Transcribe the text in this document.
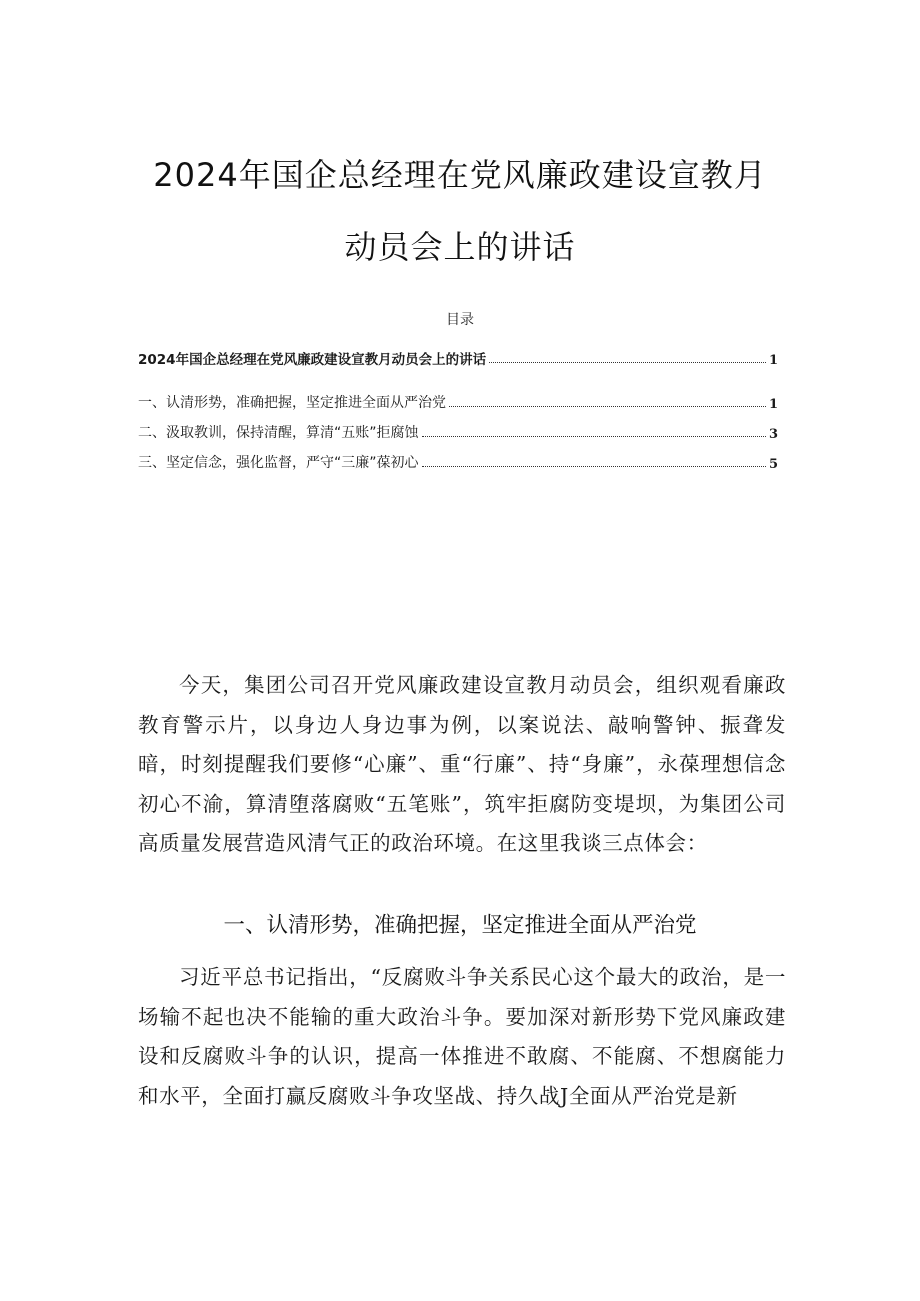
2024年国企总经理在党风廉政建设宣教月
动员会上的讲话
目录
2024年国企总经理在党风廉政建设宣教月动员会上的讲话	1
一、认清形势，准确把握，坚定推进全面从严治党	1
二、汲取教训，保持清醒，算清“五账”拒腐蚀	3
三、坚定信念，强化监督，严守“三廉”葆初心	5

今天，集团公司召开党风廉政建设宣教月动员会，组织观看廉政教育警示片，以身边人身边事为例，以案说法、敲响警钟、振聋发暗，时刻提醒我们要修“心廉”、重“行廉”、持“身廉”，永葆理想信念初心不渝，算清堕落腐败“五笔账”，筑牢拒腐防变堤坝，为集团公司高质量发展营造风清气正的政治环境。在这里我谈三点体会：

一、认清形势，准确把握，坚定推进全面从严治党

习近平总书记指出，“反腐败斗争关系民心这个最大的政治，是一场输不起也决不能输的重大政治斗争。要加深对新形势下党风廉政建设和反腐败斗争的认识，提高一体推进不敢腐、不能腐、不想腐能力和水平，全面打赢反腐败斗争攻坚战、持久战J全面从严治党是新
